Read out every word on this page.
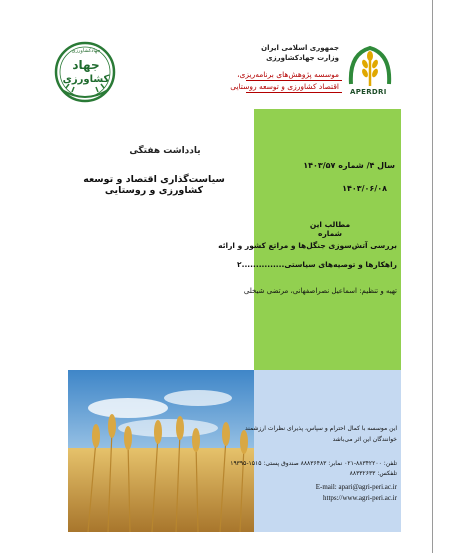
جهادکشاورزی
جهاد
کشاورزی
جمهوری اسلامی ایران
وزارت جهادکشاورزی
موسسه پژوهش‌های برنامه‌ریزی،
اقتصاد کشاورزی و توسعه روستایی
APERDRI
یادداشت هفتگی
سیاست‌گذاری اقتصاد و توسعه کشاورزی و روستایی
سال ۴/ شماره ۱۴۰۳/۵۷
۱۴۰۳/۰۶/۰۸
مطالب این شماره
بررسی آتش‌سوزی جنگل‌ها و مراتع کشور و ارائه
راهکارها و توصیه‌های سیاستی...............۲
تهیه و تنظیم: اسماعیل نصراصفهانی، مرتضی شیخلی
این موسسه با کمال احترام و سپاس، پذیرای نظرات ارزشمند
خوانندگان این اثر می‌باشد
تلفن: ۸۸۳۴۲۲۰۰-۰۲۱ نمابر: ۸۸۸۳۶۴۸۳ صندوق پستی: ۱۵۱۵-۱۹۳۹۵
تلفکس: ۸۸۳۳۲۶۳۳
E-mail: apari@agri-peri.ac.ir
https://www.agri-peri.ac.ir
